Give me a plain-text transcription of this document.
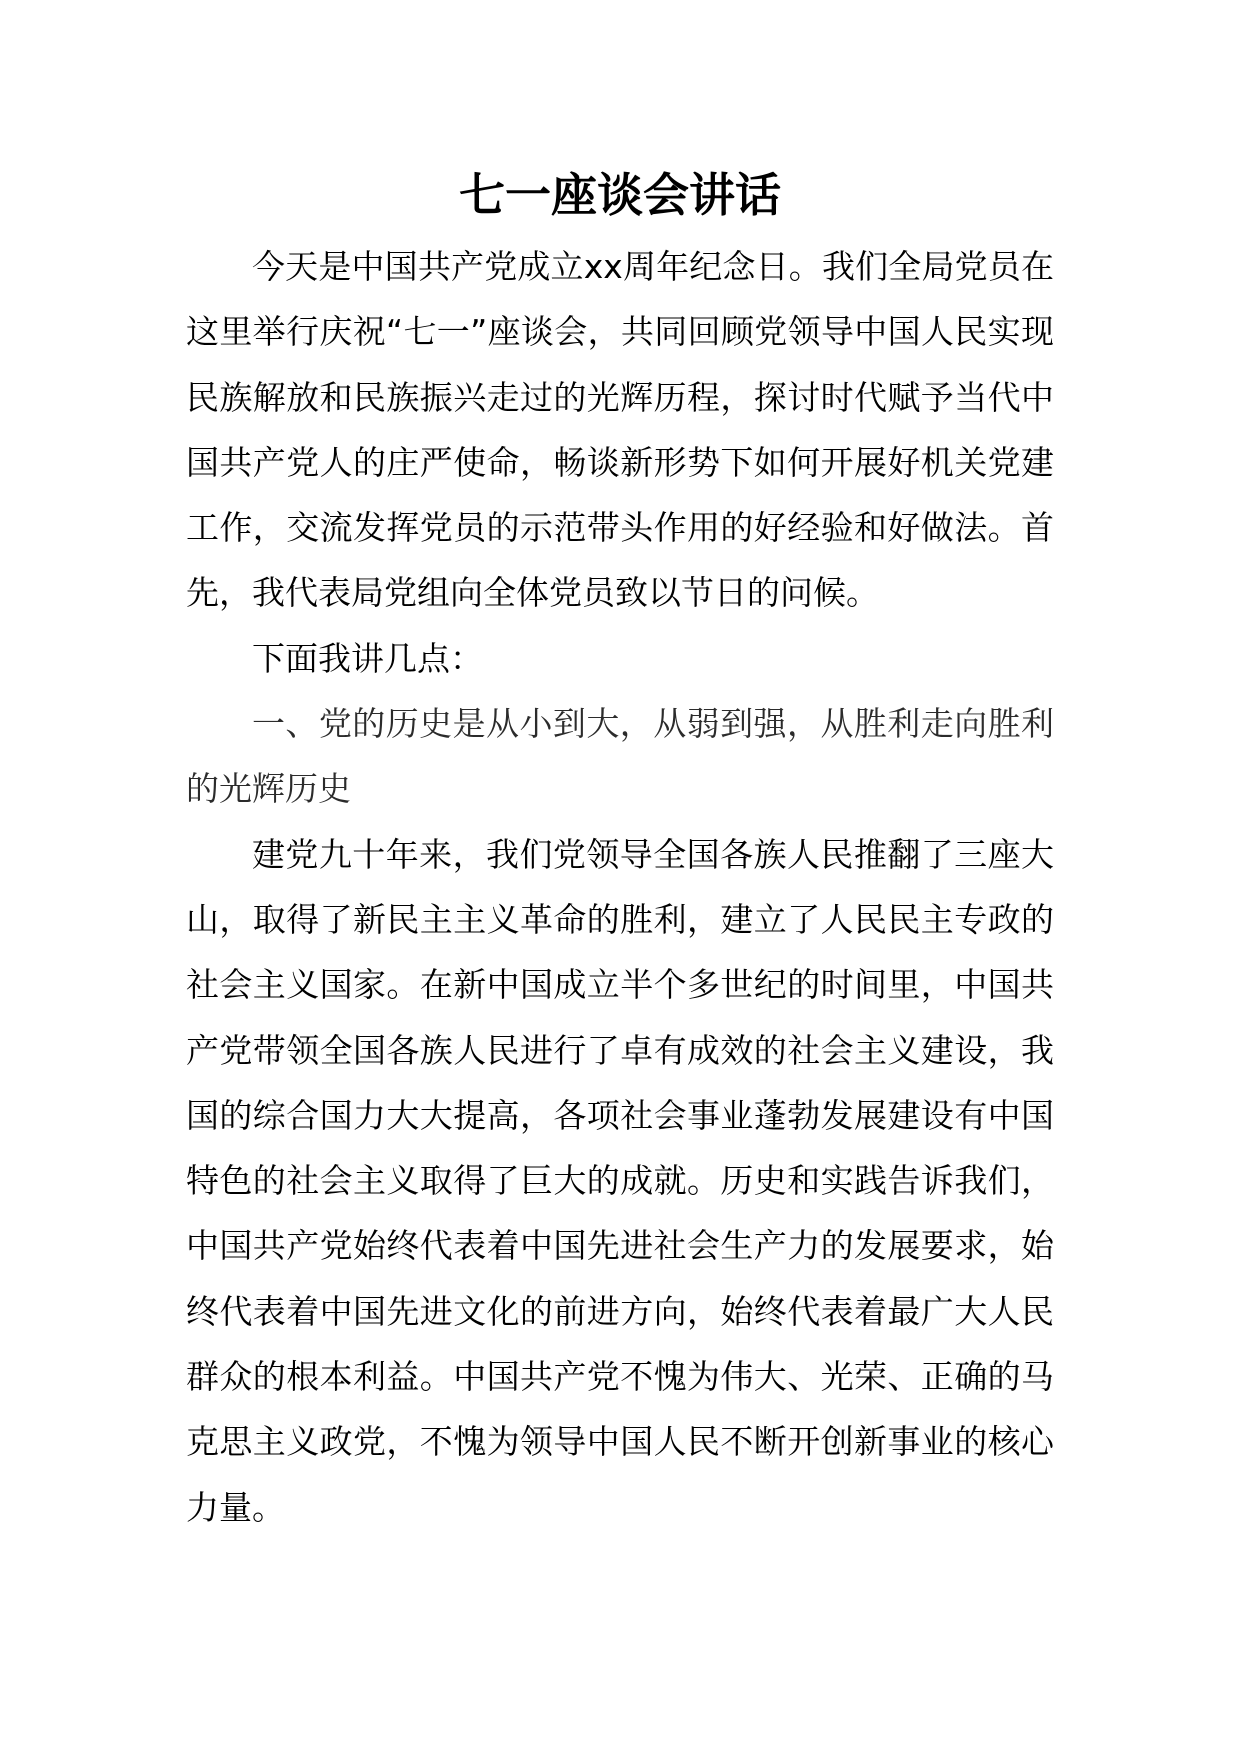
七一座谈会讲话

今天是中国共产党成立xx周年纪念日。我们全局党员在这里举行庆祝“七一”座谈会，共同回顾党领导中国人民实现民族解放和民族振兴走过的光辉历程，探讨时代赋予当代中国共产党人的庄严使命，畅谈新形势下如何开展好机关党建工作，交流发挥党员的示范带头作用的好经验和好做法。首先，我代表局党组向全体党员致以节日的问候。

下面我讲几点：

一、党的历史是从小到大，从弱到强，从胜利走向胜利的光辉历史

建党九十年来，我们党领导全国各族人民推翻了三座大山，取得了新民主主义革命的胜利，建立了人民民主专政的社会主义国家。在新中国成立半个多世纪的时间里，中国共产党带领全国各族人民进行了卓有成效的社会主义建设，我国的综合国力大大提高，各项社会事业蓬勃发展建设有中国特色的社会主义取得了巨大的成就。历史和实践告诉我们，中国共产党始终代表着中国先进社会生产力的发展要求，始终代表着中国先进文化的前进方向，始终代表着最广大人民群众的根本利益。中国共产党不愧为伟大、光荣、正确的马克思主义政党，不愧为领导中国人民不断开创新事业的核心力量。
